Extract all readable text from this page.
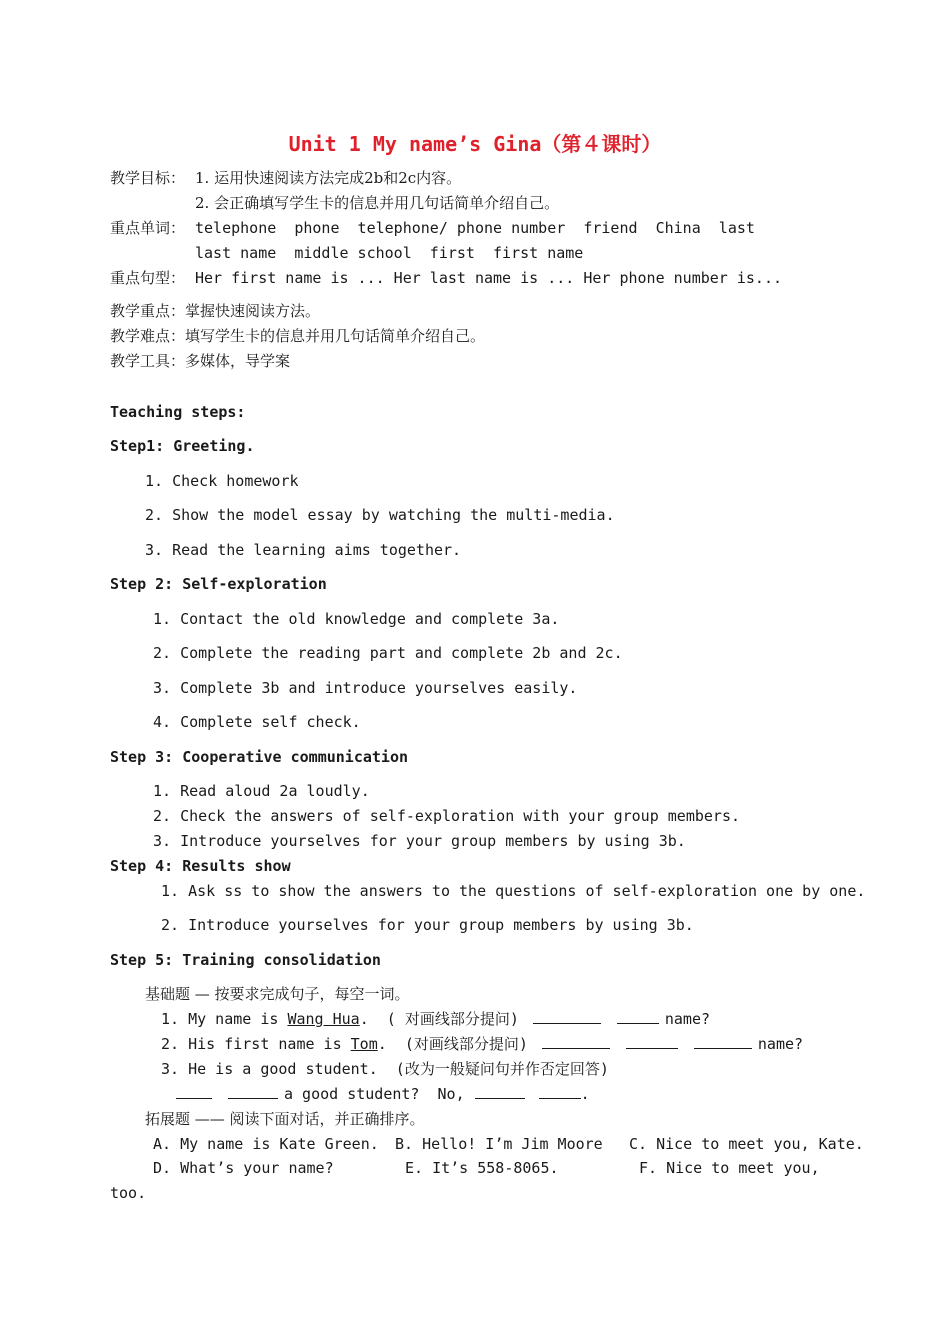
Unit 1 My name’s Gina（第４课时）
教学目标： 1. 运用快速阅读方法完成2b和2c内容。
2. 会正确填写学生卡的信息并用几句话简单介绍自己。
重点单词： telephone  phone  telephone/ phone number  friend  China  last
last name  middle school  first  first name
重点句型： Her first name is ... Her last name is ... Her phone number is...
教学重点：掌握快速阅读方法。
教学难点：填写学生卡的信息并用几句话简单介绍自己。
教学工具：多媒体，导学案
Teaching steps:
Step1: Greeting.
1. Check homework
2. Show the model essay by watching the multi-media.
3. Read the learning aims together.
Step 2: Self-exploration
1. Contact the old knowledge and complete 3a.
2. Complete the reading part and complete 2b and 2c.
3. Complete 3b and introduce yourselves easily.
4. Complete self check.
Step 3: Cooperative communication
1. Read aloud 2a loudly.
2. Check the answers of self-exploration with your group members.
3. Introduce yourselves for your group members by using 3b.
Step 4: Results show
1. Ask ss to show the answers to the questions of self-exploration one by one.
2. Introduce yourselves for your group members by using 3b.
Step 5: Training consolidation
基础题 — 按要求完成句子，每空一词。
1. My name is Wang Hua.  ( 对画线部分提问)	name?
2. His first name is Tom.  (对画线部分提问)	name?
3. He is a good student.  (改为一般疑问句并作否定回答)
a good student?  No,	.
拓展题 —— 阅读下面对话，并正确排序。
A. My name is Kate Green. B. Hello! I’m Jim Moore C. Nice to meet you, Kate.
D. What’s your name?	E. It’s 558-8065.	F. Nice to meet you,
too.
